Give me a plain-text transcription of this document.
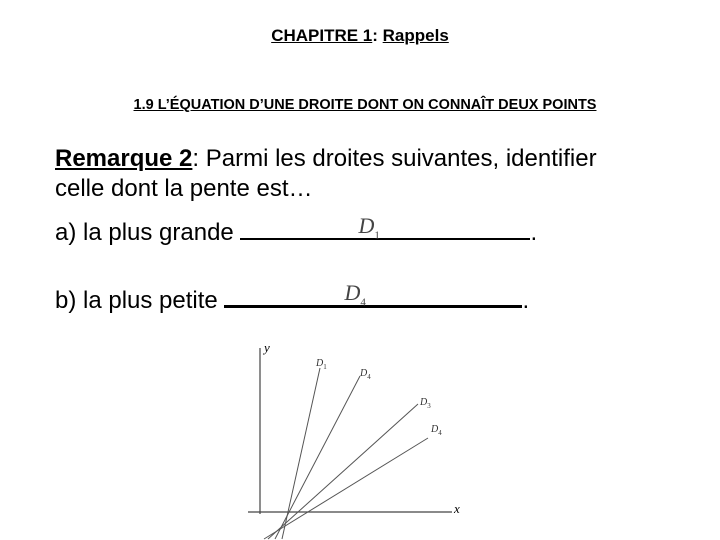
CHAPITRE 1: Rappels
1.9 L’ÉQUATION D’UNE DROITE DONT ON CONNAÎT DEUX POINTS
Remarque 2: Parmi les droites suivantes, identifier
celle dont la pente est…
a) la plus grande	$D_1$	.
b) la plus petite	$D_4$	.
y
x
$D_1$
$D_4$
$D_3$
$D_4$
